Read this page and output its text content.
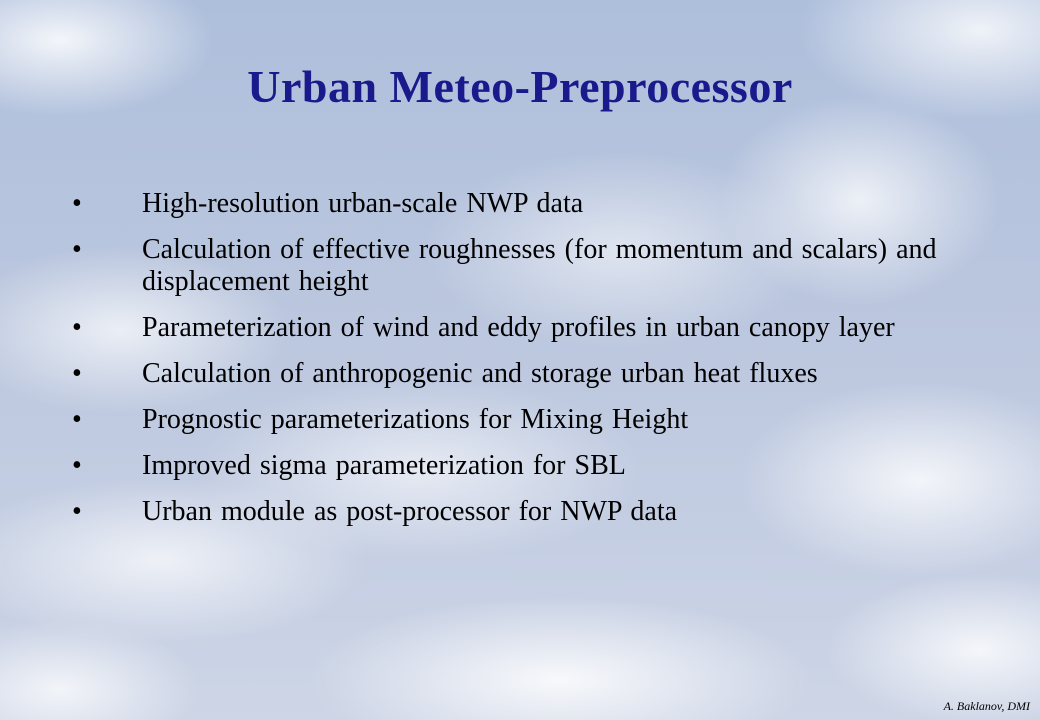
Urban Meteo-Preprocessor
•	High-resolution urban-scale NWP data
•	Calculation of effective roughnesses (for momentum and scalars) and displacement height
•	Parameterization of wind and eddy profiles in urban canopy layer
•	Calculation of anthropogenic and storage urban heat fluxes
•	Prognostic parameterizations for Mixing Height
•	Improved sigma parameterization for SBL
•	Urban module as post-processor for NWP data
A. Baklanov, DMI
